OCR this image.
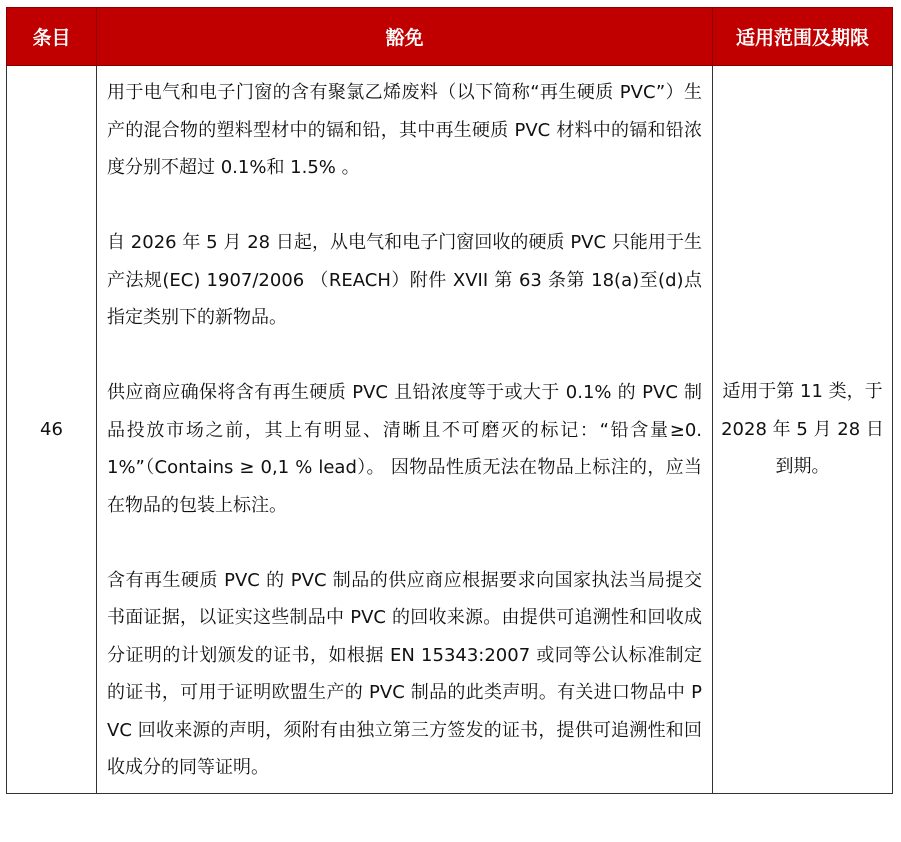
条目	豁免	适用范围及期限
46	用于电气和电子门窗的含有聚氯乙烯废料（以下简称“再生硬质 PVC”）生产的混合物的塑料型材中的镉和铅，其中再生硬质 PVC 材料中的镉和铅浓度分别不超过 0.1%和 1.5% 。

自 2026 年 5 月 28 日起，从电气和电子门窗回收的硬质 PVC 只能用于生产法规(EC) 1907/2006 （REACH）附件 XVII 第 63 条第 18(a)至(d)点指定类别下的新物品。

供应商应确保将含有再生硬质 PVC 且铅浓度等于或大于 0.1% 的 PVC 制品投放市场之前，其上有明显、清晰且不可磨灭的标记：“铅含量≥0.1%”（Contains ≥ 0,1 % lead）。 因物品性质无法在物品上标注的，应当在物品的包装上标注。

含有再生硬质 PVC 的 PVC 制品的供应商应根据要求向国家执法当局提交书面证据，以证实这些制品中 PVC 的回收来源。由提供可追溯性和回收成分证明的计划颁发的证书，如根据 EN 15343:2007 或同等公认标准制定的证书，可用于证明欧盟生产的 PVC 制品的此类声明。有关进口物品中 PVC 回收来源的声明，须附有由独立第三方签发的证书，提供可追溯性和回收成分的同等证明。	适用于第 11 类，于 2028 年 5 月 28 日到期。
